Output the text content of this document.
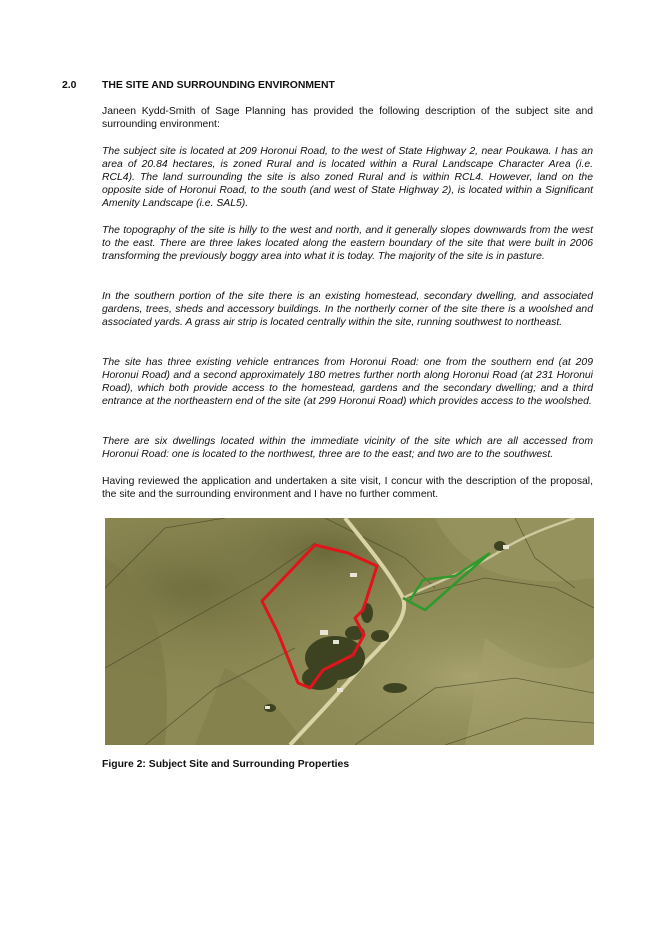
2.0 THE SITE AND SURROUNDING ENVIRONMENT
Janeen Kydd-Smith of Sage Planning has provided the following description of the subject site and surrounding environment:
The subject site is located at 209 Horonui Road, to the west of State Highway 2, near Poukawa. I has an area of 20.84 hectares, is zoned Rural and is located within a Rural Landscape Character Area (i.e. RCL4). The land surrounding the site is also zoned Rural and is within RCL4. However, land on the opposite side of Horonui Road, to the south (and west of State Highway 2), is located within a Significant Amenity Landscape (i.e. SAL5).
The topography of the site is hilly to the west and north, and it generally slopes downwards from the west to the east. There are three lakes located along the eastern boundary of the site that were built in 2006 transforming the previously boggy area into what it is today. The majority of the site is in pasture.
In the southern portion of the site there is an existing homestead, secondary dwelling, and associated gardens, trees, sheds and accessory buildings. In the northerly corner of the site there is a woolshed and associated yards. A grass air strip is located centrally within the site, running southwest to northeast.
The site has three existing vehicle entrances from Horonui Road: one from the southern end (at 209 Horonui Road) and a second approximately 180 metres further north along Horonui Road (at 231 Horonui Road), which both provide access to the homestead, gardens and the secondary dwelling; and a third entrance at the northeastern end of the site (at 299 Horonui Road) which provides access to the woolshed.
There are six dwellings located within the immediate vicinity of the site which are all accessed from Horonui Road: one is located to the northwest, three are to the east; and two are to the southwest.
Having reviewed the application and undertaken a site visit, I concur with the description of the proposal, the site and the surrounding environment and I have no further comment.
Figure 2: Subject Site and Surrounding Properties
